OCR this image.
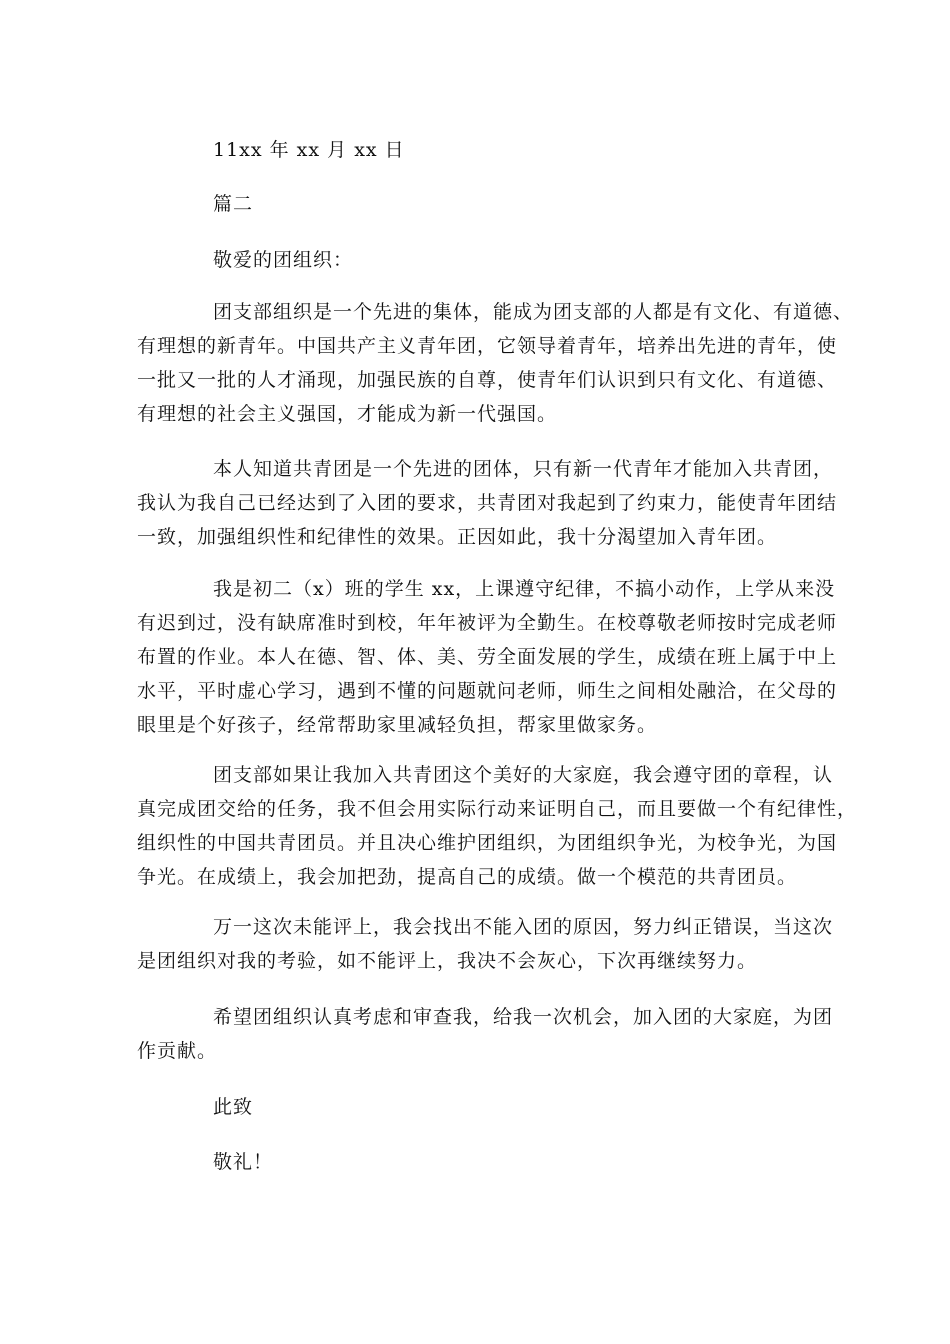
11xx 年 xx 月 xx 日
篇二
敬爱的团组织：
团支部组织是一个先进的集体，能成为团支部的人都是有文化、有道德、
有理想的新青年。中国共产主义青年团，它领导着青年，培养出先进的青年，使
一批又一批的人才涌现，加强民族的自尊，使青年们认识到只有文化、有道德、
有理想的社会主义强国，才能成为新一代强国。
本人知道共青团是一个先进的团体，只有新一代青年才能加入共青团，
我认为我自己已经达到了入团的要求，共青团对我起到了约束力，能使青年团结
一致，加强组织性和纪律性的效果。正因如此，我十分渴望加入青年团。
我是初二（x）班的学生 xx，上课遵守纪律，不搞小动作，上学从来没
有迟到过，没有缺席准时到校，年年被评为全勤生。在校尊敬老师按时完成老师
布置的作业。本人在德、智、体、美、劳全面发展的学生，成绩在班上属于中上
水平，平时虚心学习，遇到不懂的问题就问老师，师生之间相处融洽，在父母的
眼里是个好孩子，经常帮助家里减轻负担，帮家里做家务。
团支部如果让我加入共青团这个美好的大家庭，我会遵守团的章程，认
真完成团交给的任务，我不但会用实际行动来证明自己，而且要做一个有纪律性，
组织性的中国共青团员。并且决心维护团组织，为团组织争光，为校争光，为国
争光。在成绩上，我会加把劲，提高自己的成绩。做一个模范的共青团员。
万一这次未能评上，我会找出不能入团的原因，努力纠正错误，当这次
是团组织对我的考验，如不能评上，我决不会灰心，下次再继续努力。
希望团组织认真考虑和审查我，给我一次机会，加入团的大家庭，为团
作贡献。
此致
敬礼！
